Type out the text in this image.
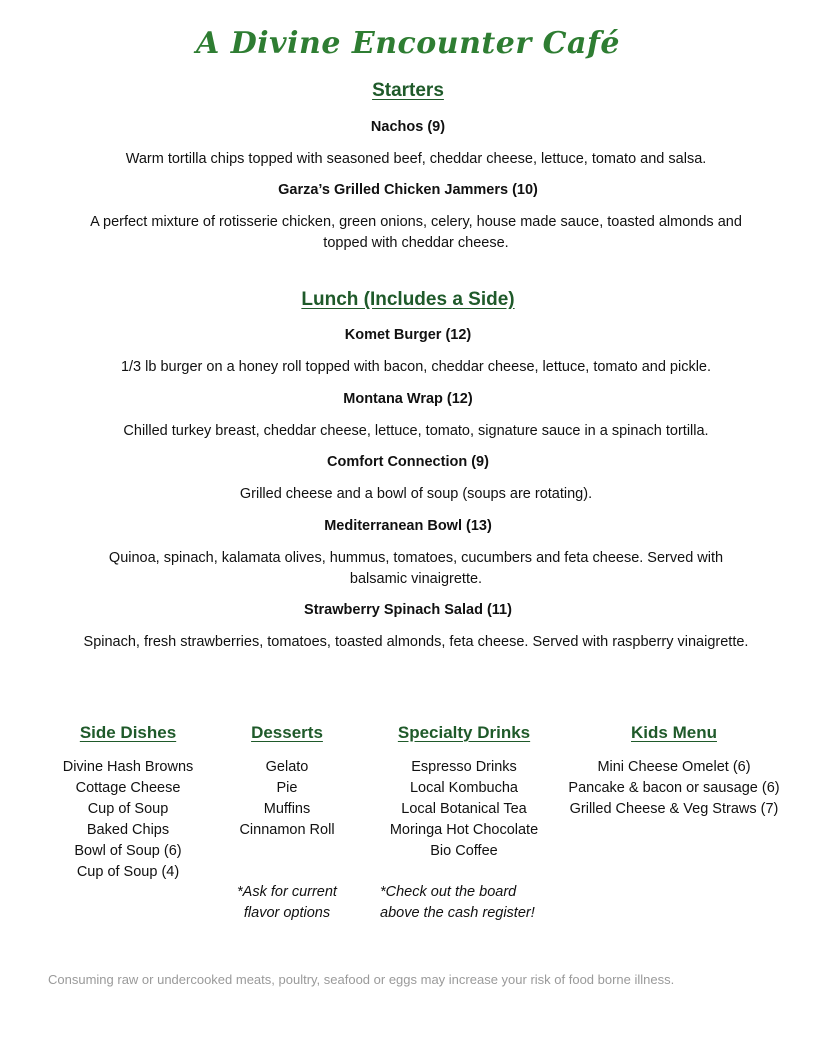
A Divine Encounter Café
Starters

Nachos (9)

Warm tortilla chips topped with seasoned beef, cheddar cheese, lettuce, tomato and salsa.

Garza’s Grilled Chicken Jammers (10)

A perfect mixture of rotisserie chicken, green onions, celery, house made sauce, toasted almonds and topped with cheddar cheese.

Lunch (Includes a Side)

Komet Burger (12)

1/3 lb burger on a honey roll topped with bacon, cheddar cheese, lettuce, tomato and pickle.

Montana Wrap (12)

Chilled turkey breast, cheddar cheese, lettuce, tomato, signature sauce in a spinach tortilla.

Comfort Connection (9)

Grilled cheese and a bowl of soup (soups are rotating).

Mediterranean Bowl (13)

Quinoa, spinach, kalamata olives, hummus, tomatoes, cucumbers and feta cheese. Served with balsamic vinaigrette.

Strawberry Spinach Salad (11)

Spinach, fresh strawberries, tomatoes, toasted almonds, feta cheese. Served with raspberry vinaigrette.

Side Dishes
Divine Hash Browns
Cottage Cheese
Cup of Soup
Baked Chips
Bowl of Soup (6)
Cup of Soup (4)
Desserts
Gelato
Pie
Muffins
Cinnamon Roll

*Ask for current
flavor options

Specialty Drinks
Espresso Drinks
Local Kombucha
Local Botanical Tea
Moringa Hot Chocolate
Bio Coffee

*Check out the board
above the cash register!

Kids Menu
Mini Cheese Omelet (6)
Pancake & bacon or sausage (6)
Grilled Cheese & Veg Straws (7)

Consuming raw or undercooked meats, poultry, seafood or eggs may increase your risk of food borne illness.
